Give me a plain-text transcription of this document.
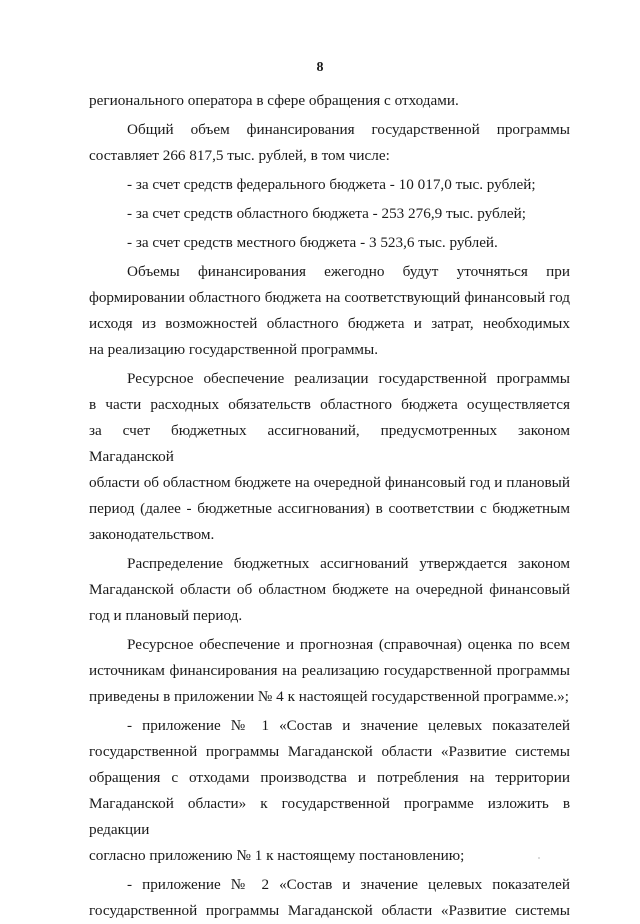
8

регионального оператора в сфере обращения с отходами.

Общий объем финансирования государственной программы
составляет 266 817,5 тыс. рублей, в том числе:

- за счет средств федерального бюджета - 10 017,0 тыс. рублей;

- за счет средств областного бюджета - 253 276,9 тыс. рублей;

- за счет средств местного бюджета - 3 523,6 тыс. рублей.

Объемы финансирования ежегодно будут уточняться при
формировании областного бюджета на соответствующий финансовый год
исходя из возможностей областного бюджета и затрат, необходимых
на реализацию государственной программы.

Ресурсное обеспечение реализации государственной программы
в части расходных обязательств областного бюджета осуществляется
за счет бюджетных ассигнований, предусмотренных законом Магаданской
области об областном бюджете на очередной финансовый год и плановый
период (далее - бюджетные ассигнования) в соответствии с бюджетным
законодательством.

Распределение бюджетных ассигнований утверждается законом
Магаданской области об областном бюджете на очередной финансовый
год и плановый период.

Ресурсное обеспечение и прогнозная (справочная) оценка по всем
источникам финансирования на реализацию государственной программы
приведены в приложении № 4 к настоящей государственной программе.»;

- приложение № 1 «Состав и значение целевых показателей
государственной программы Магаданской области «Развитие системы
обращения с отходами производства и потребления на территории
Магаданской области» к государственной программе изложить в редакции
согласно приложению № 1 к настоящему постановлению;

- приложение № 2 «Состав и значение целевых показателей
государственной программы Магаданской области «Развитие системы
